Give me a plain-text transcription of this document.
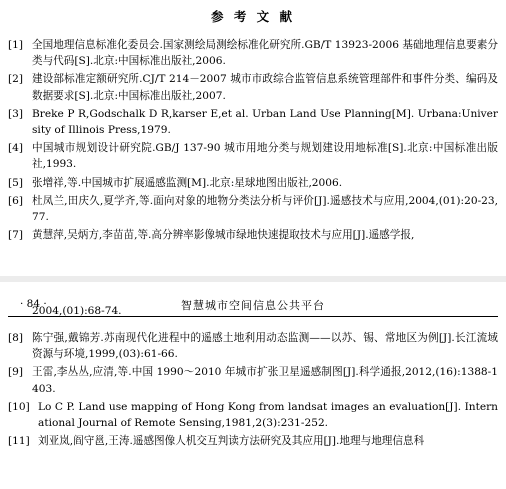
参 考 文 献
[1] 全国地理信息标准化委员会.国家测绘局测绘标准化研究所.GB/T 13923-2006 基础地理信息要素分类与代码[S].北京:中国标准出版社,2006.
[2] 建设部标准定额研究所.CJ/T 214－2007 城市市政综合监管信息系统管理部件和事件分类、编码及数据要求[S].北京:中国标准出版社,2007.
[3] Breke P R,Godschalk D R,karser E,et al. Urban Land Use Planning[M]. Urbana:University of Illinois Press,1979.
[4] 中国城市规划设计研究院.GB/J 137-90 城市用地分类与规划建设用地标准[S].北京:中国标准出版社,1993.
[5] 张增祥,等.中国城市扩展遥感监测[M].北京:星球地图出版社,2006.
[6] 杜凤兰,田庆久,夏学齐,等.面向对象的地物分类法分析与评价[J].遥感技术与应用,2004,(01):20-23,77.
[7] 黄慧萍,吴炳方,李苗苗,等.高分辨率影像城市绿地快速提取技术与应用[J].遥感学报,
· 84 ·	智慧城市空间信息公共平台
2004,(01):68-74.
[8] 陈宁强,戴锦芳.苏南现代化进程中的遥感土地利用动态监测——以苏、锡、常地区为例[J].长江流域资源与环境,1999,(03):61-66.
[9] 王雷,李丛丛,应清,等.中国 1990～2010 年城市扩张卫星遥感制图[J].科学通报,2012,(16):1388-1403.
[10] Lo C P. Land use mapping of Hong Kong from landsat images an evaluation[J]. International Journal of Remote Sensing,1981,2(3):231-252.
[11] 刘亚岚,阎守邕,王涛.遥感图像人机交互判读方法研究及其应用[J].地理与地理信息科
